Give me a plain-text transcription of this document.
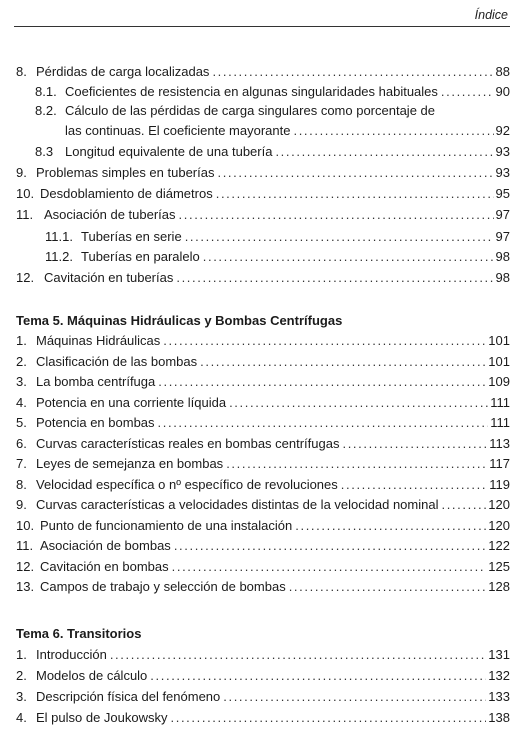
Índice
8. Pérdidas de carga localizadas . . .	88
8.1. Coeficientes de resistencia en algunas singularidades habituales . . .	90
8.2. Cálculo de las pérdidas de carga singulares como porcentaje de
las continuas. El coeficiente mayorante . . .	92
8.3 Longitud equivalente de una tubería . . .	93
9. Problemas simples en tuberías . . .	93
10. Desdoblamiento de diámetros . . .	95
11. Asociación de tuberías . . .	97
11.1. Tuberías en serie . . .	97
11.2. Tuberías en paralelo . . .	98
12. Cavitación en tuberías . . .	98
Tema 5. Máquinas Hidráulicas y Bombas Centrífugas
1. Máquinas Hidráulicas . . .	101
2. Clasificación de las bombas . . .	101
3. La bomba centrífuga . . .	109
4. Potencia en una corriente líquida . . .	111
5. Potencia en bombas . . .	111
6. Curvas características reales en bombas centrífugas . . .	113
7. Leyes de semejanza en bombas . . .	117
8. Velocidad específica o nº específico de revoluciones . . .	119
9. Curvas características a velocidades distintas de la velocidad nominal . . .	120
10. Punto de funcionamiento de una instalación . . .	120
11. Asociación de bombas . . .	122
12. Cavitación en bombas . . .	125
13. Campos de trabajo y selección de bombas . . .	128
Tema 6. Transitorios
1. Introducción . . .	131
2. Modelos de cálculo . . .	132
3. Descripción física del fenómeno . . .	133
4. El pulso de Joukowsky . . .	138
